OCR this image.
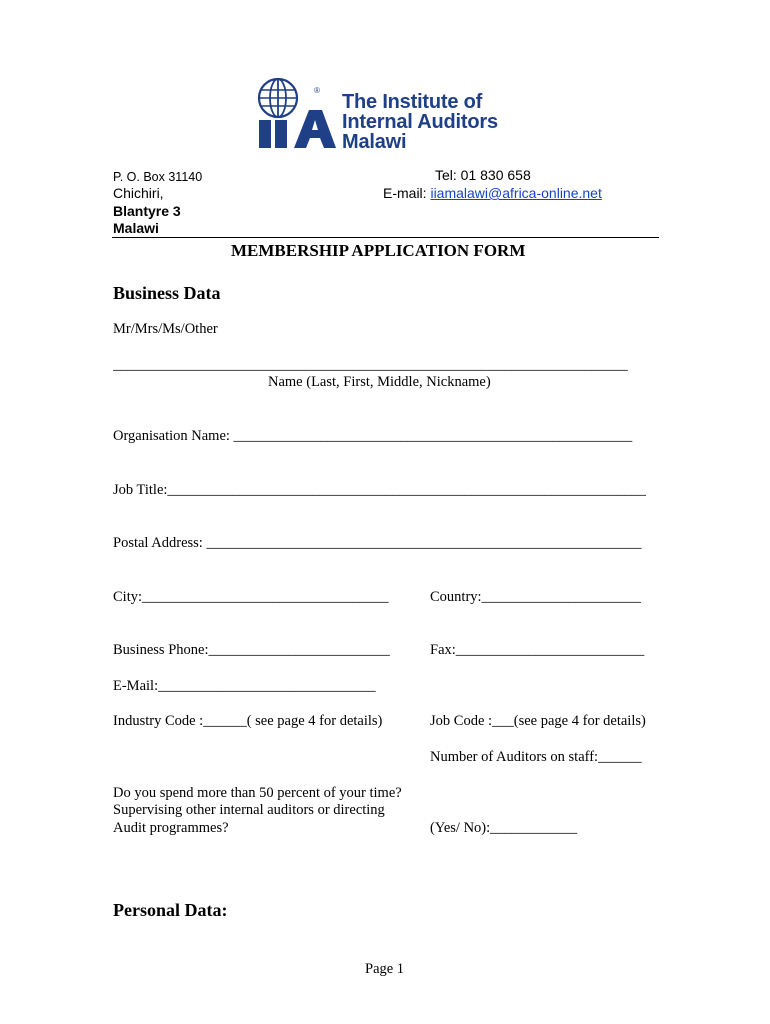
®
The Institute of
Internal Auditors
Malawi
P. O. Box 31140
Chichiri,
Blantyre 3
Malawi
Tel: 01 830 658
E-mail: iiamalawi@africa-online.net
MEMBERSHIP APPLICATION FORM
Business Data
Mr/Mrs/Ms/Other
_______________________________________________________________________
Name (Last, First, Middle, Nickname)
Organisation Name: _______________________________________________________
Job Title:__________________________________________________________________
Postal Address: ____________________________________________________________
City:__________________________________	Country:______________________
Business Phone:_________________________	Fax:__________________________
E-Mail:______________________________
Industry Code :______( see page 4 for details)	Job Code :___(see page 4 for details)
Number of Auditors on staff:______
Do you spend more than 50 percent of your time?
Supervising other internal auditors or directing
Audit programmes?	(Yes/ No):____________
Personal Data:
Page 1
